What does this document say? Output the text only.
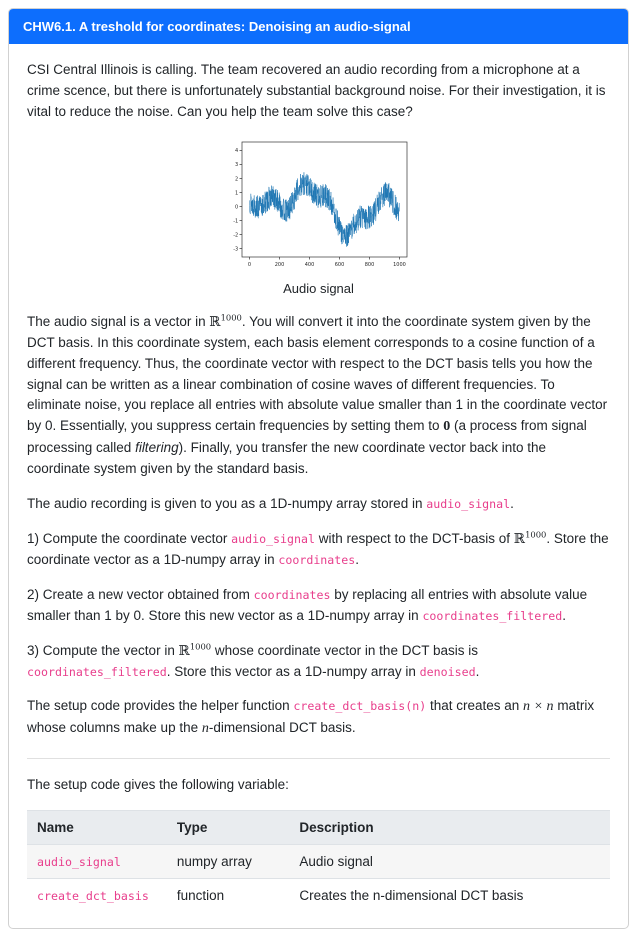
CHW6.1. A treshold for coordinates: Denoising an audio-signal

CSI Central Illinois is calling. The team recovered an audio recording from a microphone at a crime scence, but there is unfortunately substantial background noise. For their investigation, it is vital to reduce the noise. Can you help the team solve this case?

-3
-2
-1
0
1
2
3
4
0	200	400	600	800	1000
Audio signal

The audio signal is a vector in ℝ$^{1000}$. You will convert it into the coordinate system given by the DCT basis. In this coordinate system, each basis element corresponds to a cosine function of a different frequency. Thus, the coordinate vector with respect to the DCT basis tells you how the signal can be written as a linear combination of cosine waves of different frequencies. To eliminate noise, you replace all entries with absolute value smaller than 1 in the coordinate vector by 0. Essentially, you suppress certain frequencies by setting them to 0 (a process from signal processing called filtering). Finally, you transfer the new coordinate vector back into the coordinate system given by the standard basis.

The audio recording is given to you as a 1D-numpy array stored in audio_signal.

1) Compute the coordinate vector audio_signal with respect to the DCT-basis of ℝ$^{1000}$. Store the coordinate vector as a 1D-numpy array in coordinates.

2) Create a new vector obtained from coordinates by replacing all entries with absolute value smaller than 1 by 0. Store this new vector as a 1D-numpy array in coordinates_filtered.

3) Compute the vector in ℝ$^{1000}$ whose coordinate vector in the DCT basis is coordinates_filtered. Store this vector as a 1D-numpy array in denoised.

The setup code provides the helper function create_dct_basis(n) that creates an n × n matrix whose columns make up the n-dimensional DCT basis.

The setup code gives the following variable:

Name	Type	Description
audio_signal	numpy array	Audio signal
create_dct_basis	function	Creates the n-dimensional DCT basis
